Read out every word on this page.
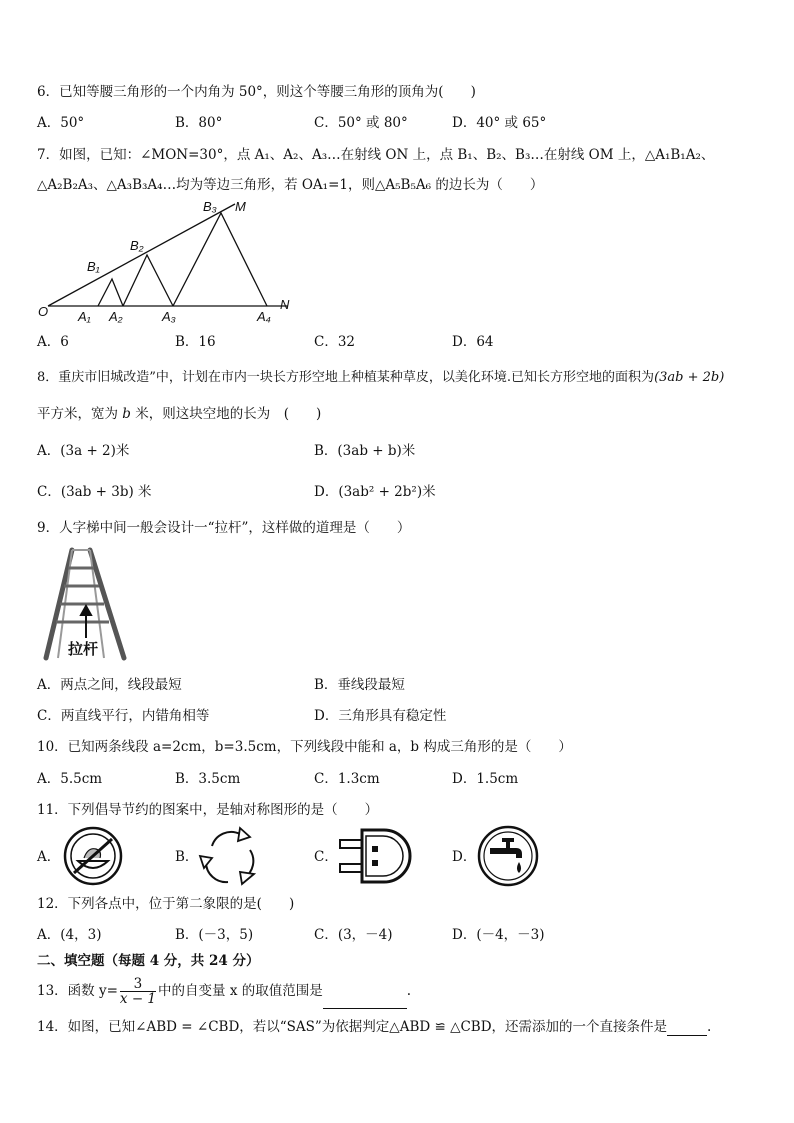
6．已知等腰三角形的一个内角为 50°，则这个等腰三角形的顶角为(　　)
A．50°	B．80°	C．50° 或 80°	D．40° 或 65°
7．如图，已知：∠MON=30°，点 A₁、A₂、A₃…在射线 ON 上，点 B₁、B₂、B₃…在射线 OM 上，△A₁B₁A₂、
△A₂B₂A₃、△A₃B₃A₄…均为等边三角形，若 OA₁=1，则△A₅B₅A₆ 的边长为（　　）
O A₁ A₂	A₃	A₄
B₁
B₂
B₃ M
N
A．6	B．16	C．32	D．64
8．重庆市旧城改造”中，计划在市内一块长方形空地上种植某种草皮，以美化环境.已知长方形空地的面积为(3ab + 2b)
平方米，宽为 b 米，则这块空地的长为　(　　)
A．(3a + 2)米	B．(3ab + b)米
C．(3ab + 3b) 米	D．(3ab² + 2b²)米
9．人字梯中间一般会设计一“拉杆”，这样做的道理是（　　）
拉杆
A．两点之间，线段最短	B．垂线段最短
C．两直线平行，内错角相等	D．三角形具有稳定性
10．已知两条线段 a=2cm，b=3.5cm，下列线段中能和 a，b 构成三角形的是（　　）
A．5.5cm	B．3.5cm	C．1.3cm	D．1.5cm
11．下列倡导节约的图案中，是轴对称图形的是（　　）
A．	B．	C．	D．
12．下列各点中，位于第二象限的是(　　)
A．(4，3)	B．(－3，5)	C．(3，－4)	D．(－4，－3)
二、填空题（每题 4 分，共 24 分）
13．函数 $y= \frac{3}{x - 1}$ 中的自变量 x 的取值范围是	.
14．如图，已知∠ABD = ∠CBD，若以“SAS”为依据判定△ABD ≌ △CBD，还需添加的一个直接条件是	.
